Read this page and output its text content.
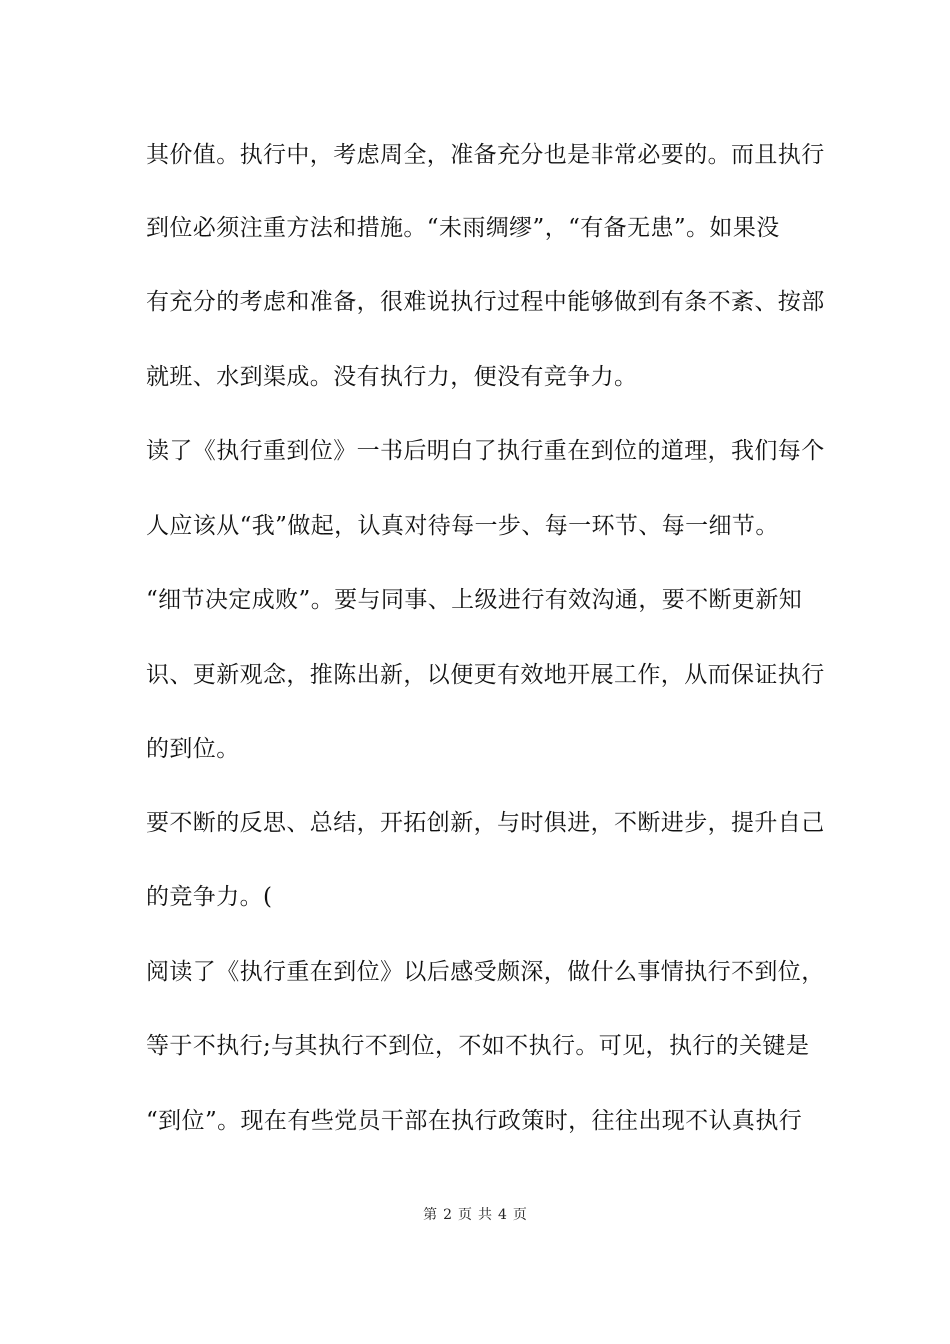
其价值。执行中，考虑周全，准备充分也是非常必要的。而且执行
到位必须注重方法和措施。“未雨绸缪”，“有备无患”。如果没
有充分的考虑和准备，很难说执行过程中能够做到有条不紊、按部
就班、水到渠成。没有执行力，便没有竞争力。
读了《执行重到位》一书后明白了执行重在到位的道理，我们每个
人应该从“我”做起，认真对待每一步、每一环节、每一细节。
“细节决定成败”。要与同事、上级进行有效沟通，要不断更新知
识、更新观念，推陈出新，以便更有效地开展工作，从而保证执行
的到位。
要不断的反思、总结，开拓创新，与时俱进，不断进步，提升自己
的竞争力。(
阅读了《执行重在到位》以后感受颇深，做什么事情执行不到位，
等于不执行;与其执行不到位，不如不执行。可见，执行的关键是
“到位”。现在有些党员干部在执行政策时，往往出现不认真执行
第 2 页 共 4 页
